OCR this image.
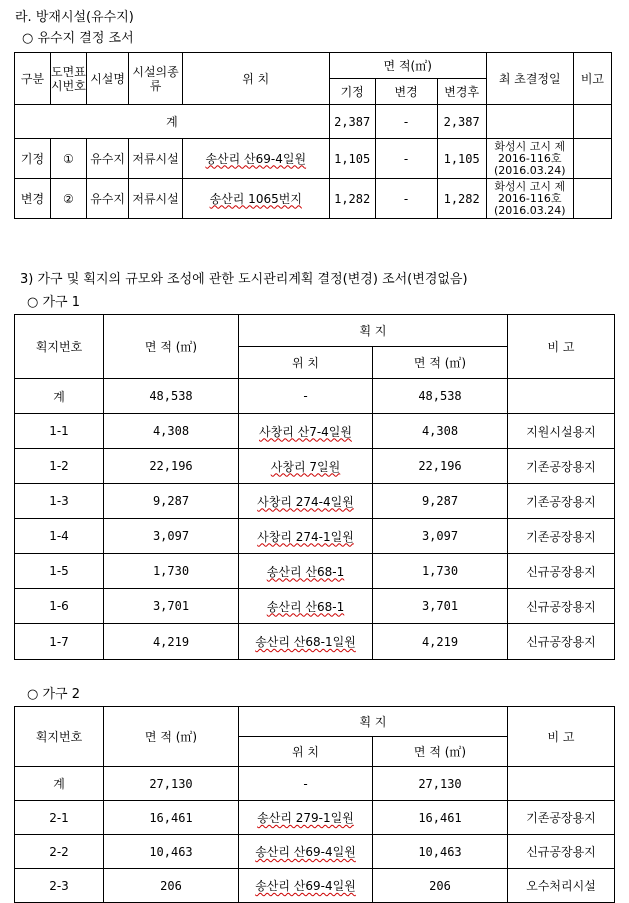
라. 방재시설(유수지)
○ 유수지 결정 조서
구분	도면표시번호	시설명	시설의종류	위 치	면 적(㎡)			최 초결정일	비고
					기정	변경	변경후		
계					2,387	-	2,387		
기정	①	유수지	저류시설	송산리 산69-4일원	1,105	-	1,105	화성시 고시 제2016-116호 (2016.03.24)	
변경	②	유수지	저류시설	송산리 1065번지	1,282	-	1,282	화성시 고시 제2016-116호 (2016.03.24)	
3) 가구 및 획지의 규모와 조성에 관한 도시관리계획 결정(변경) 조서(변경없음)
○ 가구 1
획지번호	면 적 (㎡)	획 지		비 고
		위 치	면 적 (㎡)	
계	48,538	-	48,538	
1-1	4,308	사창리 산7-4일원	4,308	지원시설용지
1-2	22,196	사창리 7일원	22,196	기존공장용지
1-3	9,287	사창리 274-4일원	9,287	기존공장용지
1-4	3,097	사창리 274-1일원	3,097	기존공장용지
1-5	1,730	송산리 산68-1	1,730	신규공장용지
1-6	3,701	송산리 산68-1	3,701	신규공장용지
1-7	4,219	송산리 산68-1일원	4,219	신규공장용지
○ 가구 2
획지번호	면 적 (㎡)	획 지		비 고
		위 치	면 적 (㎡)	
계	27,130	-	27,130	
2-1	16,461	송산리 279-1일원	16,461	기존공장용지
2-2	10,463	송산리 산69-4일원	10,463	신규공장용지
2-3	206	송산리 산69-4일원	206	오수처리시설
